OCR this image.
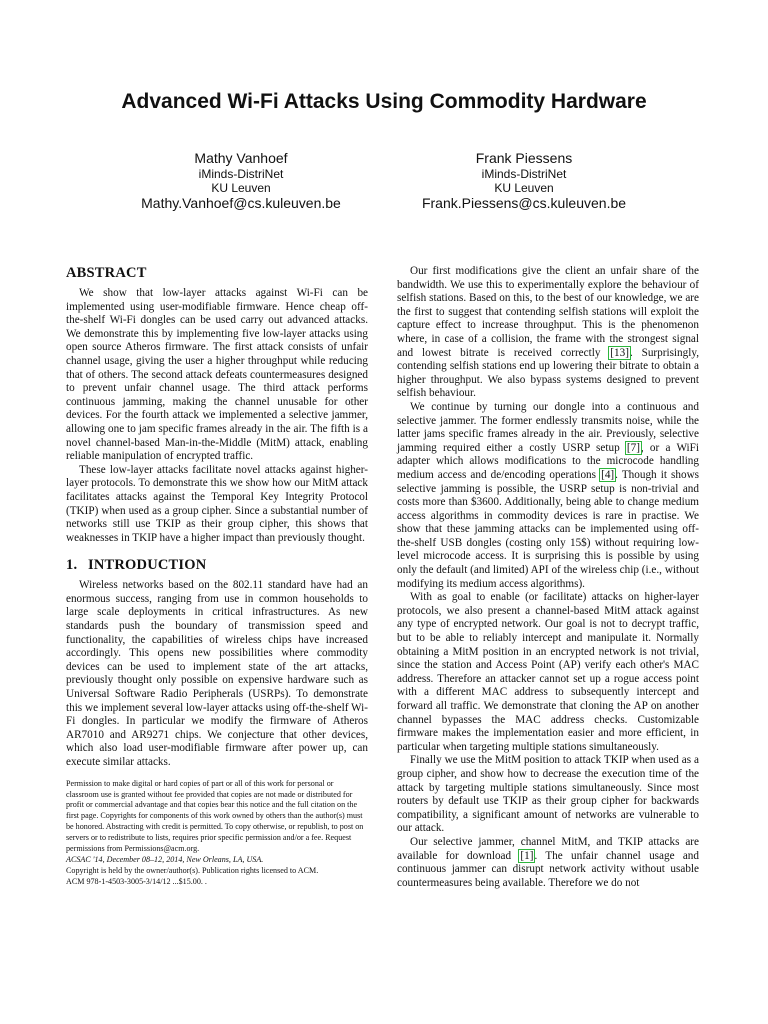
Advanced Wi-Fi Attacks Using Commodity Hardware
Mathy Vanhoef
iMinds-DistriNet
KU Leuven
Mathy.Vanhoef@cs.kuleuven.be
Frank Piessens
iMinds-DistriNet
KU Leuven
Frank.Piessens@cs.kuleuven.be
ABSTRACT

We show that low-layer attacks against Wi-Fi can be implemented using user-modifiable firmware. Hence cheap off-the-shelf Wi-Fi dongles can be used carry out advanced attacks. We demonstrate this by implementing five low-layer attacks using open source Atheros firmware. The first attack consists of unfair channel usage, giving the user a higher throughput while reducing that of others. The second attack defeats countermeasures designed to prevent unfair channel usage. The third attack performs continuous jamming, making the channel unusable for other devices. For the fourth attack we implemented a selective jammer, allowing one to jam specific frames already in the air. The fifth is a novel channel-based Man-in-the-Middle (MitM) attack, enabling reliable manipulation of encrypted traffic.

These low-layer attacks facilitate novel attacks against higher-layer protocols. To demonstrate this we show how our MitM attack facilitates attacks against the Temporal Key Integrity Protocol (TKIP) when used as a group cipher. Since a substantial number of networks still use TKIP as their group cipher, this shows that weaknesses in TKIP have a higher impact than previously thought.

1. INTRODUCTION

Wireless networks based on the 802.11 standard have had an enormous success, ranging from use in common households to large scale deployments in critical infrastructures. As new standards push the boundary of transmission speed and functionality, the capabilities of wireless chips have increased accordingly. This opens new possibilities where commodity devices can be used to implement state of the art attacks, previously thought only possible on expensive hardware such as Universal Software Radio Peripherals (USRPs). To demonstrate this we implement several low-layer attacks using off-the-shelf Wi-Fi dongles. In particular we modify the firmware of Atheros AR7010 and AR9271 chips. We conjecture that other devices, which also load user-modifiable firmware after power up, can execute similar attacks.

Permission to make digital or hard copies of part or all of this work for personal or classroom use is granted without fee provided that copies are not made or distributed for profit or commercial advantage and that copies bear this notice and the full citation on the first page. Copyrights for components of this work owned by others than the author(s) must be honored. Abstracting with credit is permitted. To copy otherwise, or republish, to post on servers or to redistribute to lists, requires prior specific permission and/or a fee. Request permissions from Permissions@acm.org.
ACSAC '14, December 08–12, 2014, New Orleans, LA, USA.
Copyright is held by the owner/author(s). Publication rights licensed to ACM.
ACM 978-1-4503-3005-3/14/12 ...$15.00. .

Our first modifications give the client an unfair share of the bandwidth. We use this to experimentally explore the behaviour of selfish stations. Based on this, to the best of our knowledge, we are the first to suggest that contending selfish stations will exploit the capture effect to increase throughput. This is the phenomenon where, in case of a collision, the frame with the strongest signal and lowest bitrate is received correctly [13]. Surprisingly, contending selfish stations end up lowering their bitrate to obtain a higher throughput. We also bypass systems designed to prevent selfish behaviour.

We continue by turning our dongle into a continuous and selective jammer. The former endlessly transmits noise, while the latter jams specific frames already in the air. Previously, selective jamming required either a costly USRP setup [7], or a WiFi adapter which allows modifications to the microcode handling medium access and de/encoding operations [4]. Though it shows selective jamming is possible, the USRP setup is non-trivial and costs more than $3600. Additionally, being able to change medium access algorithms in commodity devices is rare in practise. We show that these jamming attacks can be implemented using off-the-shelf USB dongles (costing only 15$) without requiring low-level microcode access. It is surprising this is possible by using only the default (and limited) API of the wireless chip (i.e., without modifying its medium access algorithms).

With as goal to enable (or facilitate) attacks on higher-layer protocols, we also present a channel-based MitM attack against any type of encrypted network. Our goal is not to decrypt traffic, but to be able to reliably intercept and manipulate it. Normally obtaining a MitM position in an encrypted network is not trivial, since the station and Access Point (AP) verify each other's MAC address. Therefore an attacker cannot set up a rogue access point with a different MAC address to subsequently intercept and forward all traffic. We demonstrate that cloning the AP on another channel bypasses the MAC address checks. Customizable firmware makes the implementation easier and more efficient, in particular when targeting multiple stations simultaneously.

Finally we use the MitM position to attack TKIP when used as a group cipher, and show how to decrease the execution time of the attack by targeting multiple stations simultaneously. Since most routers by default use TKIP as their group cipher for backwards compatibility, a significant amount of networks are vulnerable to our attack.

Our selective jammer, channel MitM, and TKIP attacks are available for download [1]. The unfair channel usage and continuous jammer can disrupt network activity without usable countermeasures being available. Therefore we do not
